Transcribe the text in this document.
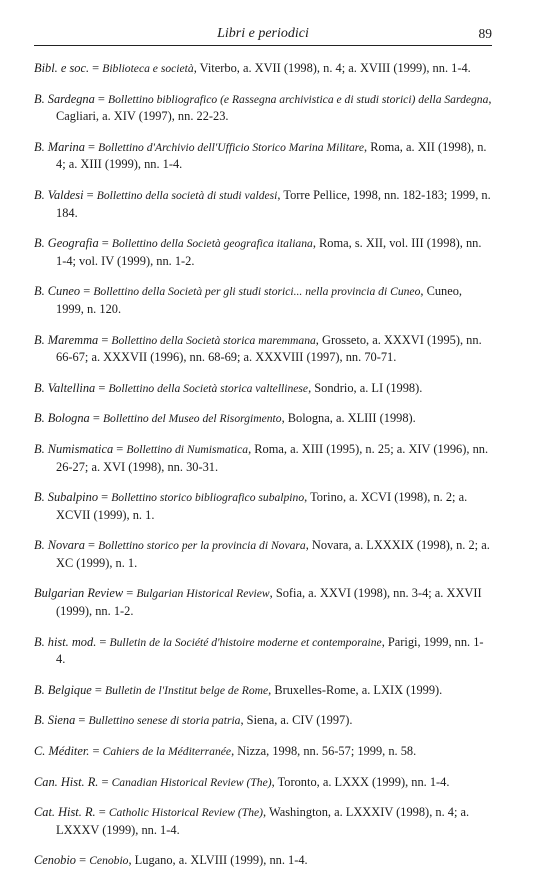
Libri e periodici	89

Bibl. e soc. = Biblioteca e società, Viterbo, a. XVII (1998), n. 4; a. XVIII (1999), nn. 1-4.

B. Sardegna = Bollettino bibliografico (e Rassegna archivistica e di studi storici) della Sardegna, Cagliari, a. XIV (1997), nn. 22-23.

B. Marina = Bollettino d'Archivio dell'Ufficio Storico Marina Militare, Roma, a. XII (1998), n. 4; a. XIII (1999), nn. 1-4.

B. Valdesi = Bollettino della società di studi valdesi, Torre Pellice, 1998, nn. 182-183; 1999, n. 184.

B. Geografia = Bollettino della Società geografica italiana, Roma, s. XII, vol. III (1998), nn. 1-4; vol. IV (1999), nn. 1-2.

B. Cuneo = Bollettino della Società per gli studi storici... nella provincia di Cuneo, Cuneo, 1999, n. 120.

B. Maremma = Bollettino della Società storica maremmana, Grosseto, a. XXXVI (1995), nn. 66-67; a. XXXVII (1996), nn. 68-69; a. XXXVIII (1997), nn. 70-71.

B. Valtellina = Bollettino della Società storica valtellinese, Sondrio, a. LI (1998).

B. Bologna = Bollettino del Museo del Risorgimento, Bologna, a. XLIII (1998).

B. Numismatica = Bollettino di Numismatica, Roma, a. XIII (1995), n. 25; a. XIV (1996), nn. 26-27; a. XVI (1998), nn. 30-31.

B. Subalpino = Bollettino storico bibliografico subalpino, Torino, a. XCVI (1998), n. 2; a. XCVII (1999), n. 1.

B. Novara = Bollettino storico per la provincia di Novara, Novara, a. LXXXIX (1998), n. 2; a. XC (1999), n. 1.

Bulgarian Review = Bulgarian Historical Review, Sofia, a. XXVI (1998), nn. 3-4; a. XXVII (1999), nn. 1-2.

B. hist. mod. = Bulletin de la Société d'histoire moderne et contemporaine, Parigi, 1999, nn. 1-4.

B. Belgique = Bulletin de l'Institut belge de Rome, Bruxelles-Rome, a. LXIX (1999).

B. Siena = Bullettino senese di storia patria, Siena, a. CIV (1997).

C. Méditer. = Cahiers de la Méditerranée, Nizza, 1998, nn. 56-57; 1999, n. 58.

Can. Hist. R. = Canadian Historical Review (The), Toronto, a. LXXX (1999), nn. 1-4.

Cat. Hist. R. = Catholic Historical Review (The), Washington, a. LXXXIV (1998), n. 4; a. LXXXV (1999), nn. 1-4.

Cenobio = Cenobio, Lugano, a. XLVIII (1999), nn. 1-4.
